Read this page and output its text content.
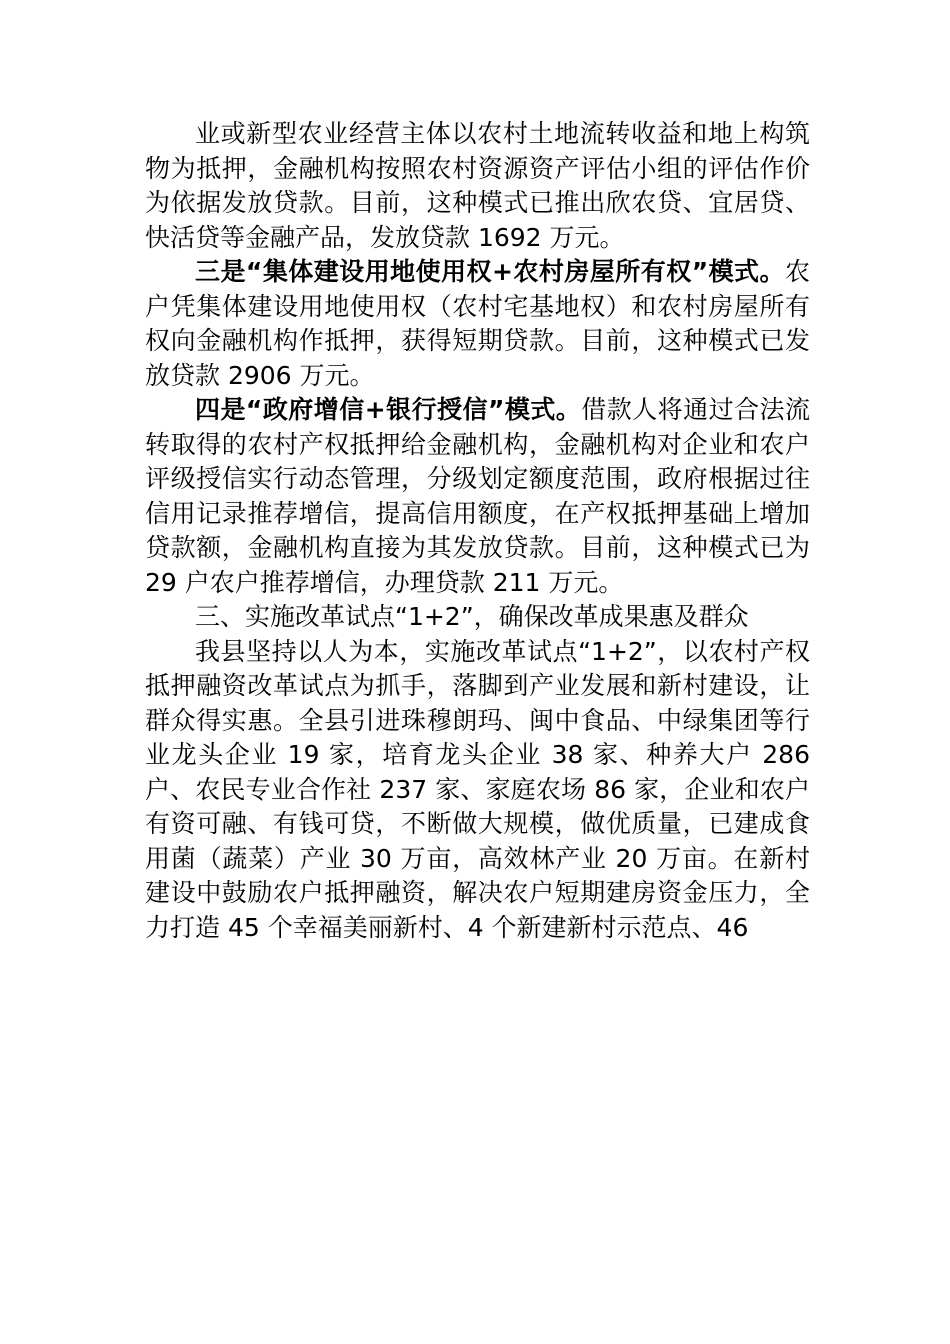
业或新型农业经营主体以农村土地流转收益和地上构筑物为抵押，金融机构按照农村资源资产评估小组的评估作价为依据发放贷款。目前，这种模式已推出欣农贷、宜居贷、快活贷等金融产品，发放贷款 1692 万元。

三是“集体建设用地使用权+农村房屋所有权”模式。农户凭集体建设用地使用权（农村宅基地权）和农村房屋所有权向金融机构作抵押，获得短期贷款。目前，这种模式已发放贷款 2906 万元。

四是“政府增信+银行授信”模式。借款人将通过合法流转取得的农村产权抵押给金融机构，金融机构对企业和农户评级授信实行动态管理，分级划定额度范围，政府根据过往信用记录推荐增信，提高信用额度，在产权抵押基础上增加贷款额，金融机构直接为其发放贷款。目前，这种模式已为 29 户农户推荐增信，办理贷款 211 万元。

三、实施改革试点“1+2”，确保改革成果惠及群众

我县坚持以人为本，实施改革试点“1+2”，以农村产权抵押融资改革试点为抓手，落脚到产业发展和新村建设，让群众得实惠。全县引进珠穆朗玛、闽中食品、中绿集团等行业龙头企业 19 家，培育龙头企业 38 家、种养大户 286 户、农民专业合作社 237 家、家庭农场 86 家，企业和农户有资可融、有钱可贷，不断做大规模，做优质量，已建成食用菌（蔬菜）产业 30 万亩，高效林产业 20 万亩。在新村建设中鼓励农户抵押融资，解决农户短期建房资金压力，全力打造 45 个幸福美丽新村、4 个新建新村示范点、46
